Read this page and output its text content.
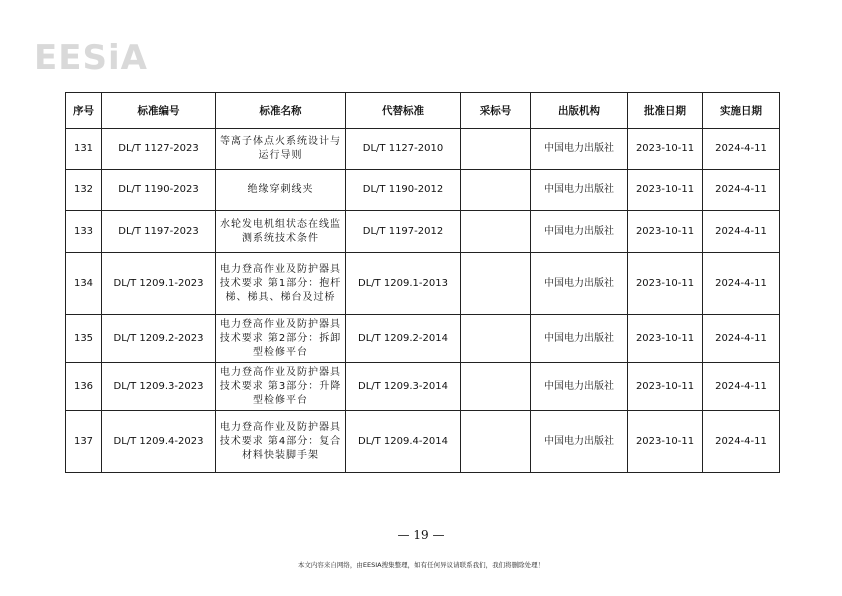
EESiA
序号	标准编号	标准名称	代替标准	采标号	出版机构	批准日期	实施日期
131	DL/T 1127-2023	等离子体点火系统设计与运行导则	DL/T 1127-2010		中国电力出版社	2023-10-11	2024-4-11
132	DL/T 1190-2023	绝缘穿刺线夹	DL/T 1190-2012		中国电力出版社	2023-10-11	2024-4-11
133	DL/T 1197-2023	水轮发电机组状态在线监测系统技术条件	DL/T 1197-2012		中国电力出版社	2023-10-11	2024-4-11
134	DL/T 1209.1-2023	电力登高作业及防护器具技术要求 第1部分：抱杆梯、梯具、梯台及过桥	DL/T 1209.1-2013		中国电力出版社	2023-10-11	2024-4-11
135	DL/T 1209.2-2023	电力登高作业及防护器具技术要求 第2部分：拆卸型检修平台	DL/T 1209.2-2014		中国电力出版社	2023-10-11	2024-4-11
136	DL/T 1209.3-2023	电力登高作业及防护器具技术要求 第3部分：升降型检修平台	DL/T 1209.3-2014		中国电力出版社	2023-10-11	2024-4-11
137	DL/T 1209.4-2023	电力登高作业及防护器具技术要求 第4部分：复合材料快装脚手架	DL/T 1209.4-2014		中国电力出版社	2023-10-11	2024-4-11
— 19 —
本文内容来自网络，由EESIA搜集整理，如有任何异议请联系我们，我们将删除处理！
